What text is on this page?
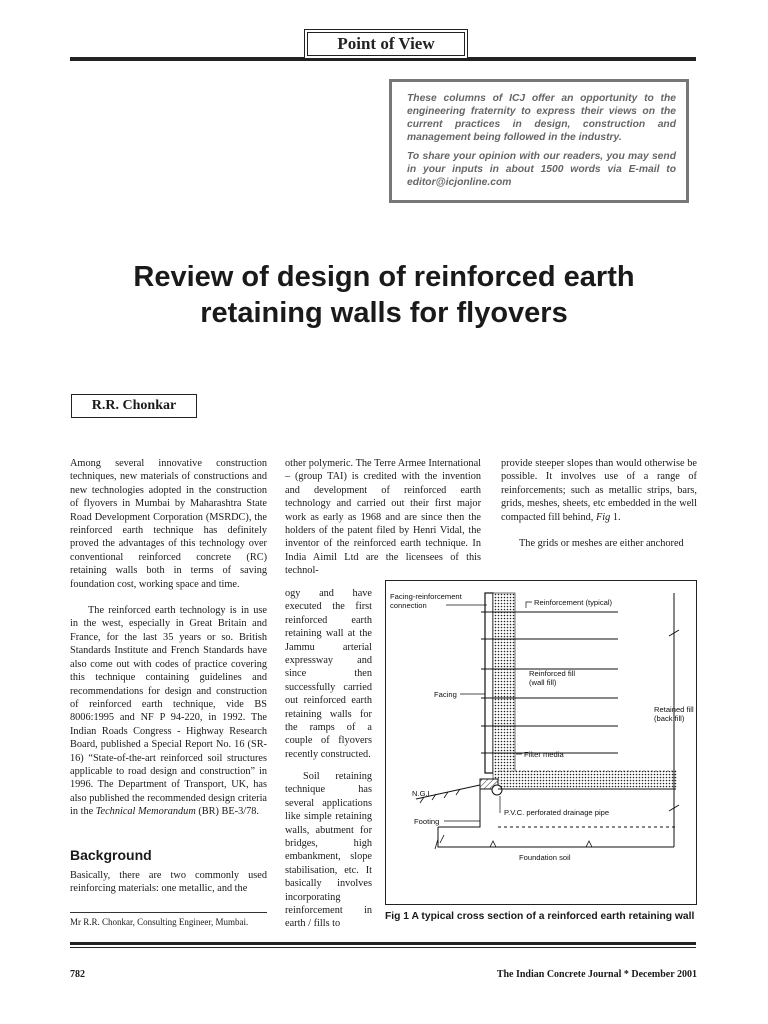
Point of View

These columns of ICJ offer an opportunity to the engineering fraternity to express their views on the current practices in design, construction and management being followed in the industry.

To share your opinion with our readers, you may send in your inputs in about 1500 words via E-mail to editor@icjonline.com

Review of design of reinforced earth
retaining walls for flyovers
R.R. Chonkar

Among several innovative construction techniques, new materials of constructions and new technologies adopted in the construction of flyovers in Mumbai by Maharashtra State Road Development Corporation (MSRDC), the reinforced earth technique has definitely proved the advantages of this technology over conventional reinforced concrete (RC) retaining walls both in terms of saving foundation cost, working space and time.

The reinforced earth technology is in use in the west, especially in Great Britain and France, for the last 35 years or so. British Standards Institute and French Standards have also come out with codes of practice covering this technique containing guidelines and recommendations for design and construction of reinforced earth technique, vide BS 8006:1995 and NF P 94-220, in 1992. The Indian Roads Congress - Highway Research Board, published a Special Report No. 16 (SR-16) “State-of-the-art reinforced soil structures applicable to road design and construction” in 1996. The Department of Transport, UK, has also published the recommended design criteria in the Technical Memorandum (BR) BE-3/78.

Background
Basically, there are two commonly used reinforcing materials: one metallic, and the
Mr R.R. Chonkar, Consulting Engineer, Mumbai.
other polymeric. The Terre Armee International – (group TAI) is credited with the invention and development of reinforced earth technology and carried out their first major work as early as 1968 and are since then the holders of the patent filed by Henri Vidal, the inventor of the reinforced earth technique. In India Aimil Ltd are the licensees of this technol-
ogy and have executed the first reinforced earth retaining wall at the Jammu arterial expressway and since then successfully carried out reinforced earth retaining walls for the ramps of a couple of flyovers recently constructed.
Soil retaining technique has several applications like simple retaining walls, abutment for bridges, high embankment, slope stabilisation, etc. It basically involves incorporating reinforcement in earth / fills to

provide steeper slopes than would otherwise be possible. It involves use of a range of reinforcements; such as metallic strips, bars, grids, meshes, sheets, etc embedded in the well compacted fill behind, Fig 1.

The grids or meshes are either anchored

Facing-reinforcement
connection	Reinforcement (typical)
Reinforced fill
(wall fill)
Facing
Retained fill
(back fill)
Filter media
N.G.L
P.V.C. perforated drainage pipe
Footing
Foundation soil
Fig 1 A typical cross section of a reinforced earth retaining wall
782	The Indian Concrete Journal * December 2001
